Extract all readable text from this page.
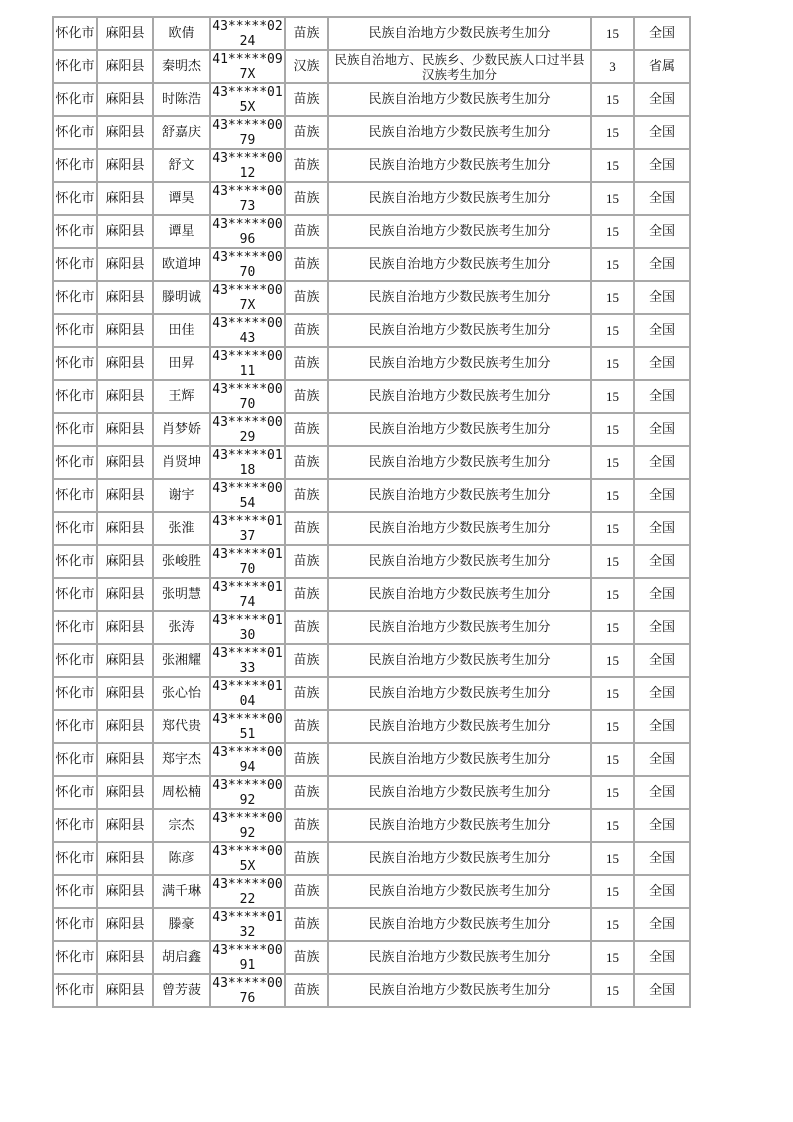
怀化市	麻阳县	欧倩	43*****0224	苗族	民族自治地方少数民族考生加分	15	全国
怀化市	麻阳县	秦明杰	41*****097X	汉族	民族自治地方、民族乡、少数民族人口过半县汉族考生加分	3	省属
怀化市	麻阳县	时陈浩	43*****015X	苗族	民族自治地方少数民族考生加分	15	全国
怀化市	麻阳县	舒嘉庆	43*****0079	苗族	民族自治地方少数民族考生加分	15	全国
怀化市	麻阳县	舒文	43*****0012	苗族	民族自治地方少数民族考生加分	15	全国
怀化市	麻阳县	谭昊	43*****0073	苗族	民族自治地方少数民族考生加分	15	全国
怀化市	麻阳县	谭星	43*****0096	苗族	民族自治地方少数民族考生加分	15	全国
怀化市	麻阳县	欧道坤	43*****0070	苗族	民族自治地方少数民族考生加分	15	全国
怀化市	麻阳县	滕明诚	43*****007X	苗族	民族自治地方少数民族考生加分	15	全国
怀化市	麻阳县	田佳	43*****0043	苗族	民族自治地方少数民族考生加分	15	全国
怀化市	麻阳县	田昇	43*****0011	苗族	民族自治地方少数民族考生加分	15	全国
怀化市	麻阳县	王辉	43*****0070	苗族	民族自治地方少数民族考生加分	15	全国
怀化市	麻阳县	肖梦娇	43*****0029	苗族	民族自治地方少数民族考生加分	15	全国
怀化市	麻阳县	肖贤坤	43*****0118	苗族	民族自治地方少数民族考生加分	15	全国
怀化市	麻阳县	谢宇	43*****0054	苗族	民族自治地方少数民族考生加分	15	全国
怀化市	麻阳县	张淮	43*****0137	苗族	民族自治地方少数民族考生加分	15	全国
怀化市	麻阳县	张峻胜	43*****0170	苗族	民族自治地方少数民族考生加分	15	全国
怀化市	麻阳县	张明慧	43*****0174	苗族	民族自治地方少数民族考生加分	15	全国
怀化市	麻阳县	张涛	43*****0130	苗族	民族自治地方少数民族考生加分	15	全国
怀化市	麻阳县	张湘耀	43*****0133	苗族	民族自治地方少数民族考生加分	15	全国
怀化市	麻阳县	张心怡	43*****0104	苗族	民族自治地方少数民族考生加分	15	全国
怀化市	麻阳县	郑代贵	43*****0051	苗族	民族自治地方少数民族考生加分	15	全国
怀化市	麻阳县	郑宇杰	43*****0094	苗族	民族自治地方少数民族考生加分	15	全国
怀化市	麻阳县	周松楠	43*****0092	苗族	民族自治地方少数民族考生加分	15	全国
怀化市	麻阳县	宗杰	43*****0092	苗族	民族自治地方少数民族考生加分	15	全国
怀化市	麻阳县	陈彦	43*****005X	苗族	民族自治地方少数民族考生加分	15	全国
怀化市	麻阳县	满千琳	43*****0022	苗族	民族自治地方少数民族考生加分	15	全国
怀化市	麻阳县	滕豪	43*****0132	苗族	民族自治地方少数民族考生加分	15	全国
怀化市	麻阳县	胡启鑫	43*****0091	苗族	民族自治地方少数民族考生加分	15	全国
怀化市	麻阳县	曾芳菠	43*****0076	苗族	民族自治地方少数民族考生加分	15	全国
